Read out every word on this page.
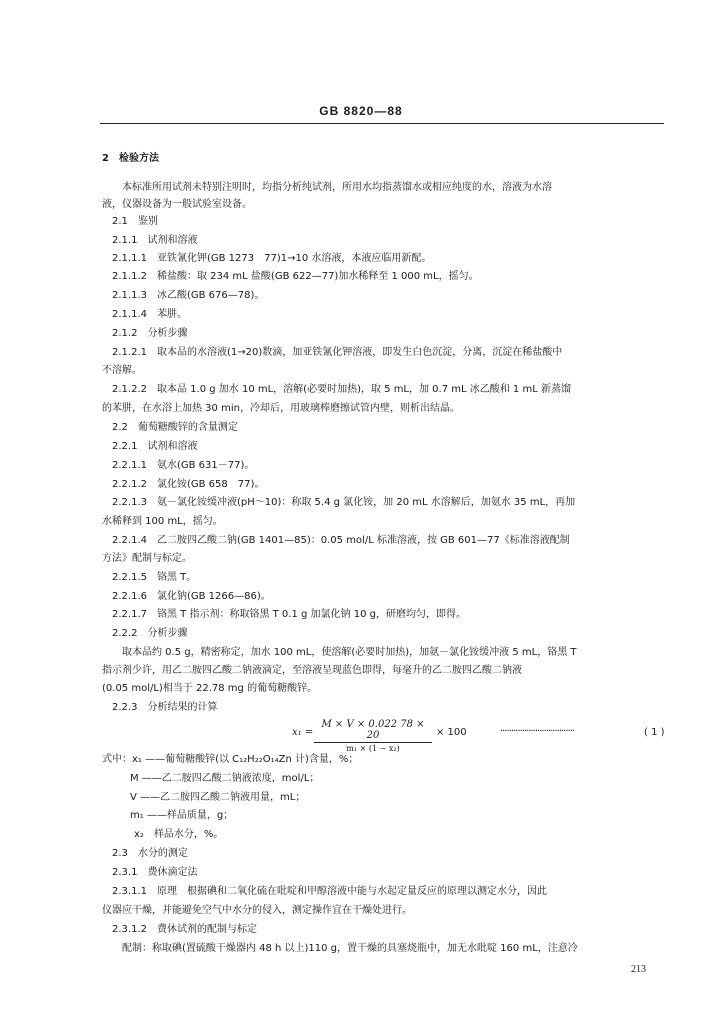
GB 8820—88
2　检验方法
本标准所用试剂未特别注明时，均指分析纯试剂，所用水均指蒸馏水或相应纯度的水，溶液为水溶
液，仪器设备为一般试验室设备。
2.1　鉴别
2.1.1　试剂和溶液
2.1.1.1　亚铁氰化钾(GB 1273　77)1→10 水溶液，本液应临用新配。
2.1.1.2　稀盐酸：取 234 mL 盐酸(GB 622—77)加水稀释至 1 000 mL，摇匀。
2.1.1.3　冰乙酸(GB 676—78)。
2.1.1.4　苯肼。
2.1.2　分析步骤
2.1.2.1　取本品的水溶液(1→20)数滴，加亚铁氰化钾溶液，即发生白色沉淀，分离，沉淀在稀盐酸中
不溶解。
2.1.2.2　取本品 1.0 g 加水 10 mL，溶解(必要时加热)，取 5 mL，加 0.7 mL 冰乙酸和 1 mL 新蒸馏
的苯肼，在水浴上加热 30 min，冷却后，用玻璃棒磨擦试管内壁，则析出结晶。
2.2　葡萄糖酸锌的含量测定
2.2.1　试剂和溶液
2.2.1.1　氨水(GB 631－77)。
2.2.1.2　氯化铵(GB 658　77)。
2.2.1.3　氨－氯化铵缓冲液(pH～10)：称取 5.4 g 氯化铵，加 20 mL 水溶解后，加氨水 35 mL，再加
水稀释到 100 mL，摇匀。
2.2.1.4　乙二胺四乙酸二钠(GB 1401—85)：0.05 mol/L 标准溶液，按 GB 601—77《标准溶液配制
方法》配制与标定。
2.2.1.5　铬黑 T。
2.2.1.6　氯化钠(GB 1266—86)。
2.2.1.7　铬黑 T 指示剂：称取铬黑 T 0.1 g 加氯化钠 10 g，研磨均匀，即得。
2.2.2　分析步骤
取本品约 0.5 g，精密称定，加水 100 mL，使溶解(必要时加热)，加氨－氯化铵缓冲液 5 mL，铬黑 T
指示剂少许，用乙二胺四乙酸二钠液滴定，至溶液呈现蓝色即得，每毫升的乙二胺四乙酸二钠液
(0.05 mol/L)相当于 22.78 mg 的葡萄糖酸锌。
2.2.3　分析结果的计算
式中：x₁ ——葡萄糖酸锌(以 C₁₂H₂₂O₁₄Zn 计)含量，%；
M ——乙二胺四乙酸二钠液浓度，mol/L；
V ——乙二胺四乙酸二钠液用量，mL；
m₁ ——样品质量，g；
x₂　样品水分，%。
2.3　水分的测定
2.3.1　费休滴定法
2.3.1.1　原理　根据碘和二氧化硫在吡啶和甲醇溶液中能与水起定量反应的原理以测定水分，因此
仪器应干燥，并能避免空气中水分的侵入，测定操作宜在干燥处进行。
2.3.1.2　费休试剂的配制与标定
配制：称取碘(置硫酸干燥器内 48 h 以上)110 g，置干燥的具塞烧瓶中，加无水吡啶 160 mL，注意冷
x₁ =
M × V × 0.022 78 × 20
m₁ × (1 − x₂)
× 100	··································	( 1 )
213
